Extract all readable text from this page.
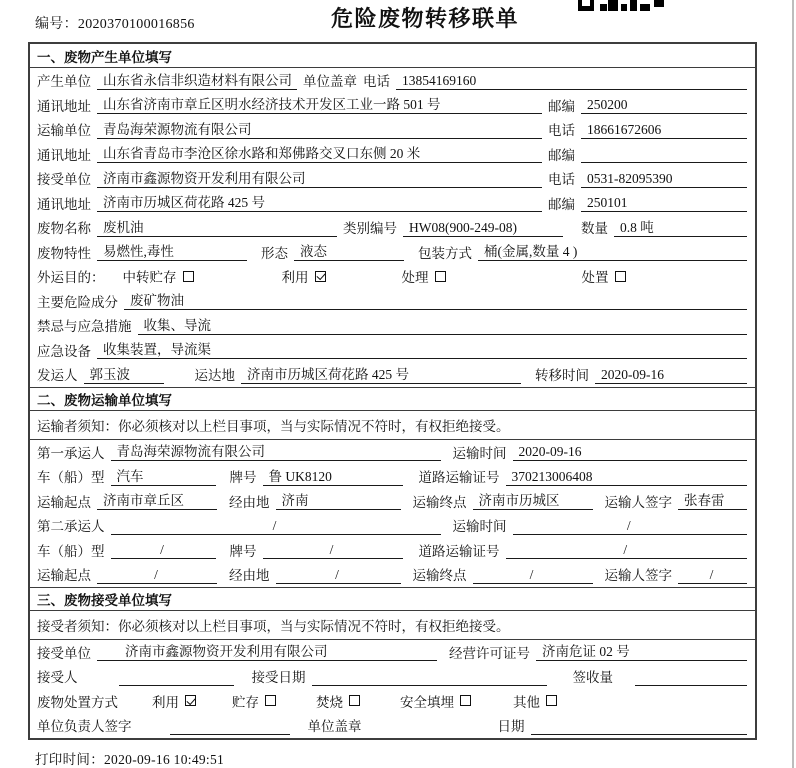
编号：2020370100016856	危险废物转移联单
一、废物产生单位填写
产生单位 山东省永信非织造材料有限公司 单位盖章 电话 13854169160
通讯地址 山东省济南市章丘区明水经济技术开发区工业一路 501 号	邮编 250200
运输单位 青岛海荣源物流有限公司	电话 18661672606
通讯地址 山东省青岛市李沧区徐水路和郑佛路交叉口东侧 20 米	邮编
接受单位 济南市鑫源物资开发利用有限公司	电话 0531-82095390
通讯地址 济南市历城区荷花路 425 号	邮编 250101
废物名称 废机油	类别编号 HW08(900-249-08)	数量 0.8 吨
废物特性 易燃性,毒性	形态 液态	包装方式 桶(金属,数量 4 )
外运目的： 中转贮存	利用	处理	处置
主要危险成分 废矿物油
禁忌与应急措施 收集、导流
应急设备 收集装置，导流渠
发运人 郭玉波	运达地 济南市历城区荷花路 425 号	转移时间 2020-09-16
二、废物运输单位填写
运输者须知：你必须核对以上栏目事项，当与实际情况不符时，有权拒绝接受。
第一承运人 青岛海荣源物流有限公司	运输时间 2020-09-16
车（船）型 汽车	牌号 鲁 UK8120	道路运输证号 370213006408
运输起点 济南市章丘区	经由地 济南	运输终点 济南市历城区	运输人签字 张春雷
第二承运人	/	运输时间	/
车（船）型	/	牌号	/	道路运输证号	/
运输起点	/	经由地	/	运输终点	/	运输人签字	/
三、废物接受单位填写
接受者须知：你必须核对以上栏目事项，当与实际情况不符时，有权拒绝接受。
接受单位	济南市鑫源物资开发利用有限公司	经营许可证号 济南危证 02 号
接受人	接受日期	签收量
废物处置方式	利用	贮存	焚烧	安全填埋	其他
单位负责人签字	单位盖章	日期
打印时间：2020-09-16 10:49:51
